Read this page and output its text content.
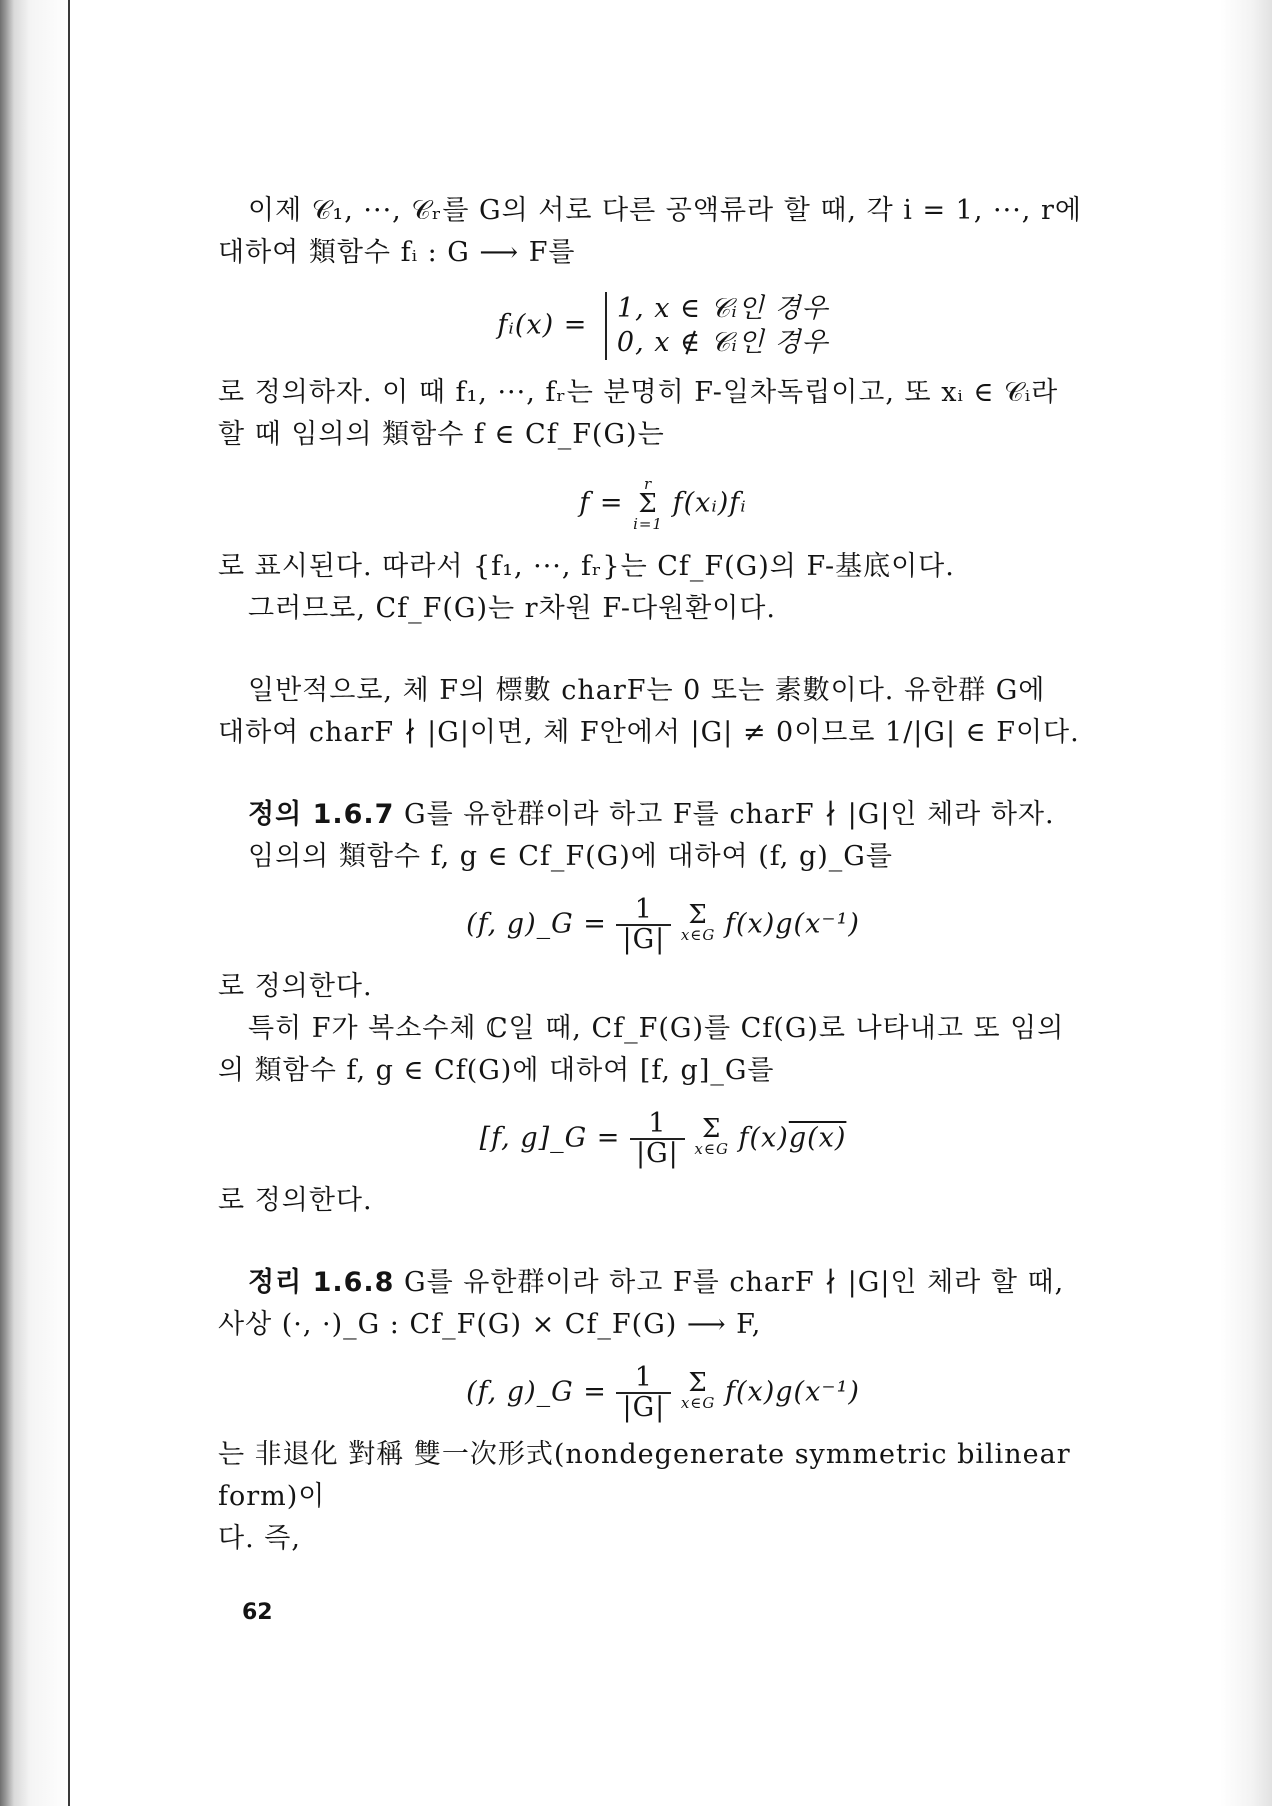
이제 𝒞₁, ···, 𝒞ᵣ를 G의 서로 다른 공액류라 할 때, 각 i = 1, ···, r에

대하여 類함수 fᵢ : G ⟶ F를

fᵢ(x) =
1, x ∈ 𝒞ᵢ인 경우
0, x ∉ 𝒞ᵢ인 경우

로 정의하자. 이 때 f₁, ···, fᵣ는 분명히 F-일차독립이고, 또 xᵢ ∈ 𝒞ᵢ라

할 때 임의의 類함수 f ∈ Cf_F(G)는

f =
r
Σ
i=1
f(xᵢ)fᵢ

로 표시된다. 따라서 {f₁, ···, fᵣ}는 Cf_F(G)의 F-基底이다.

그러므로, Cf_F(G)는 r차원 F-다원환이다.

일반적으로, 체 F의 標數 charF는 0 또는 素數이다. 유한群 G에

대하여 charF ∤ |G|이면, 체 F안에서 |G| ≠ 0이므로 1/|G| ∈ F이다.

정의 1.6.7 G를 유한群이라 하고 F를 charF ∤ |G|인 체라 하자.

임의의 類함수 f, g ∈ Cf_F(G)에 대하여 (f, g)_G를

(f, g)_G = $\frac{1}{|G|}$
Σ
x∈G f(x)g(x⁻¹)

로 정의한다.

특히 F가 복소수체 ℂ일 때, Cf_F(G)를 Cf(G)로 나타내고 또 임의

의 類함수 f, g ∈ Cf(G)에 대하여 [f, g]_G를

[f, g]_G = $\frac{1}{|G|}$
Σ
x∈G f(x)g(x)

로 정의한다.

정리 1.6.8 G를 유한群이라 하고 F를 charF ∤ |G|인 체라 할 때,

사상 (·, ·)_G : Cf_F(G) × Cf_F(G) ⟶ F,

(f, g)_G = $\frac{1}{|G|}$
Σ
x∈G f(x)g(x⁻¹)

는 非退化 對稱 雙一次形式(nondegenerate symmetric bilinear form)이

다. 즉,

62
